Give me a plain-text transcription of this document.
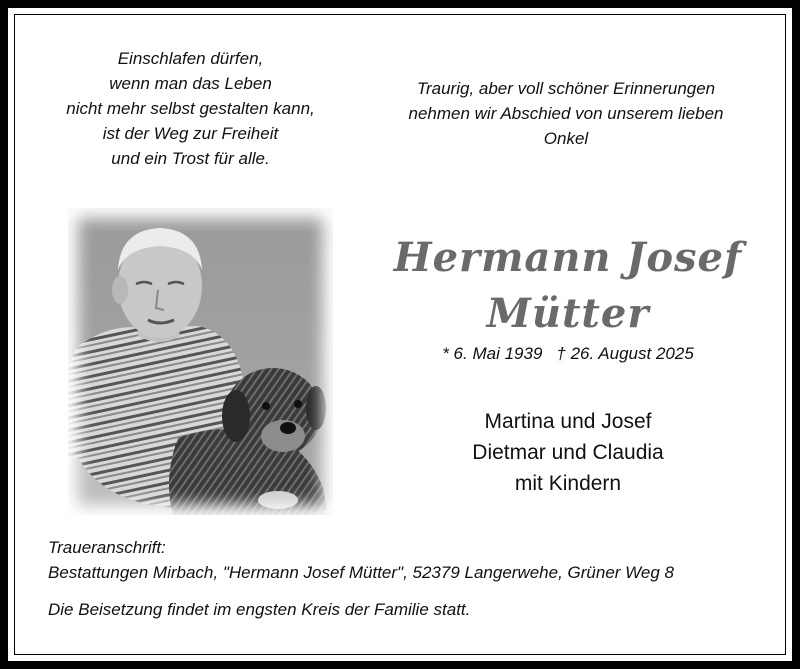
Einschlafen dürfen,
wenn man das Leben
nicht mehr selbst gestalten kann,
ist der Weg zur Freiheit
und ein Trost für alle.
Traurig, aber voll schöner Erinnerungen
nehmen wir Abschied von unserem lieben
Onkel
Hermann Josef
Mütter
* 6. Mai 1939 † 26. August 2025
Martina und Josef
Dietmar und Claudia
mit Kindern
Traueranschrift:
Bestattungen Mirbach, "Hermann Josef Mütter", 52379 Langerwehe, Grüner Weg 8
Die Beisetzung findet im engsten Kreis der Familie statt.
